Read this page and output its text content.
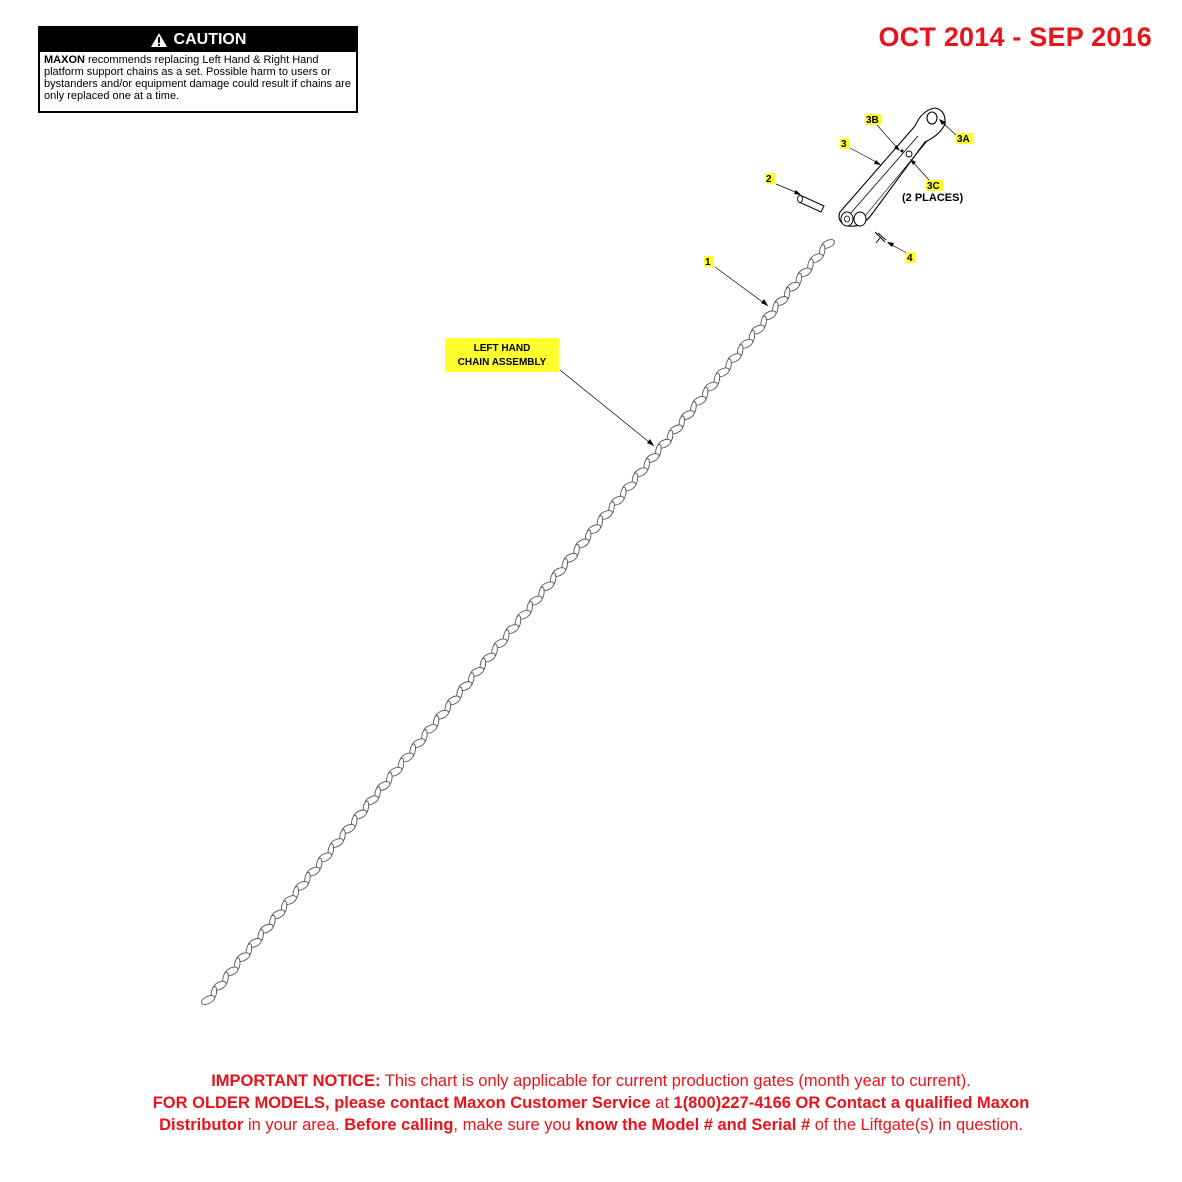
CAUTION
MAXON recommends replacing Left Hand & Right Hand platform support chains as a set. Possible harm to users or bystanders and/or equipment damage could result if chains are only replaced one at a time.
OCT 2014 - SEP 2016
1
2
3
3B
3A
3C
(2 PLACES)
4
LEFT HAND
CHAIN ASSEMBLY
IMPORTANT NOTICE: This chart is only applicable for current production gates (month year to current).
FOR OLDER MODELS, please contact Maxon Customer Service at 1(800)227-4166 OR Contact a qualified Maxon
Distributor in your area. Before calling, make sure you know the Model # and Serial # of the Liftgate(s) in question.
